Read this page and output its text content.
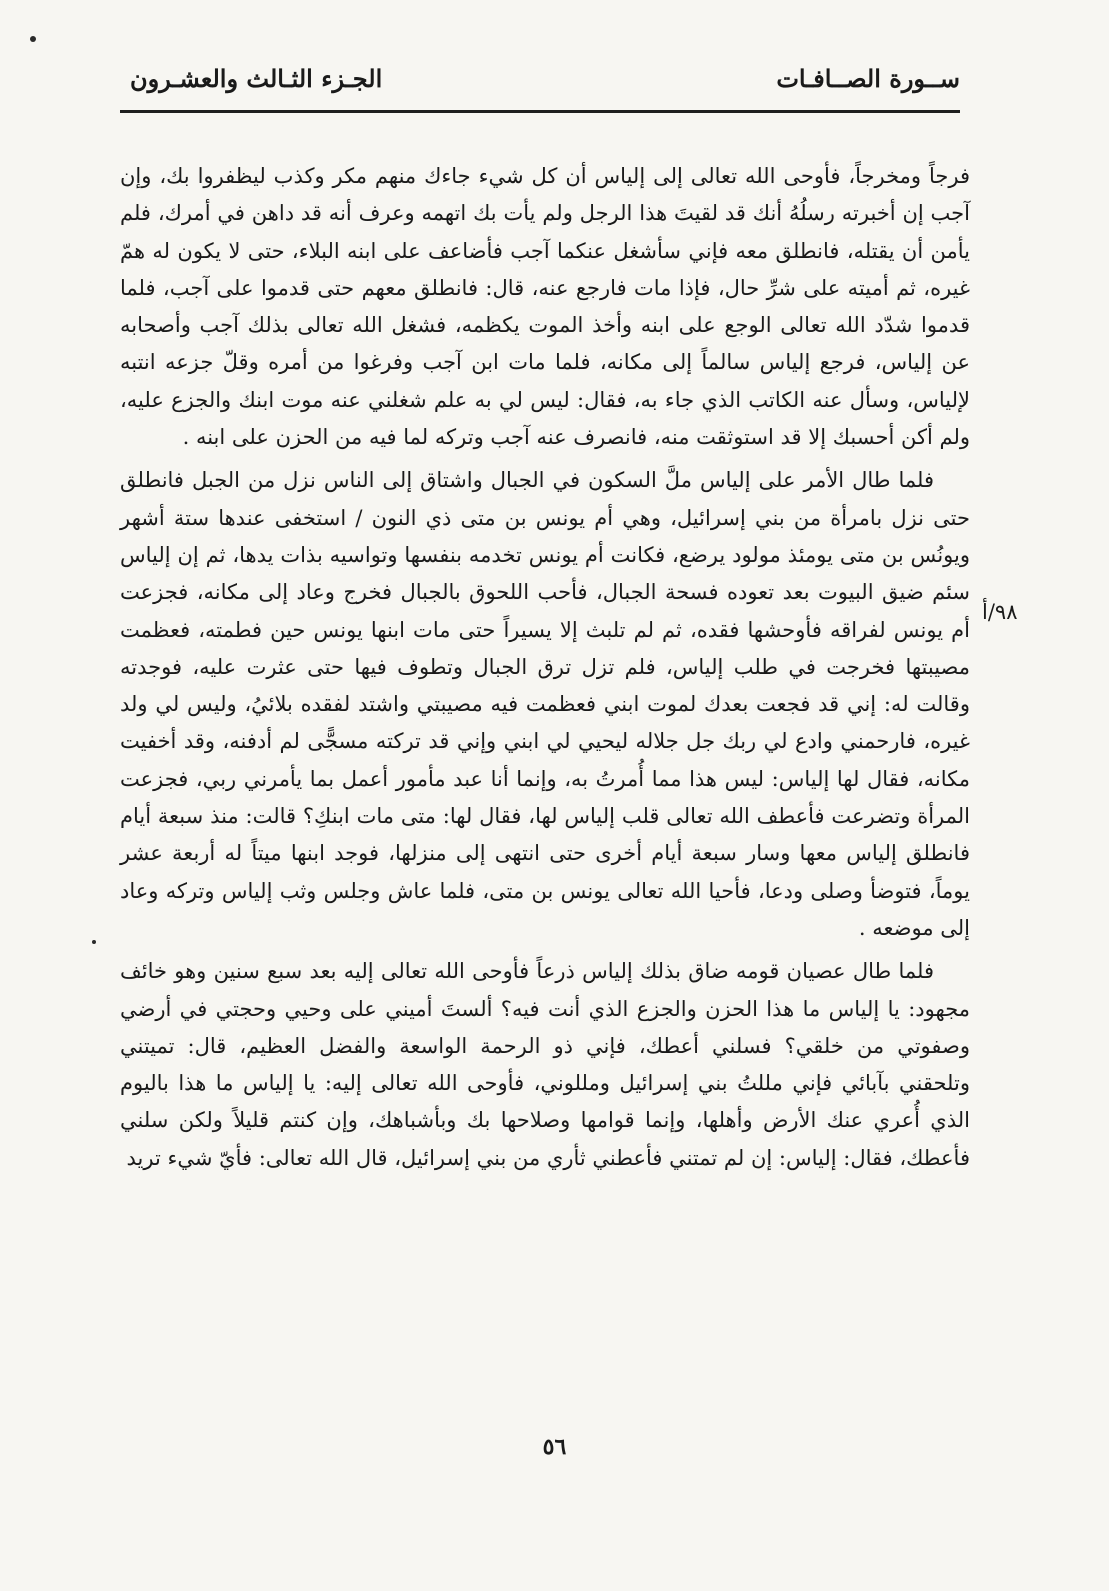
ســورة الصــافـات
الجـزء الثـالث والعشـرون
٩٨/أ

فرجاً ومخرجاً، فأوحى الله تعالى إلى إلياس أن كل شيء جاءك منهم مكر وكذب ليظفروا بك، وإن آجب إن أخبرته رسلُهُ أنك قد لقيتَ هذا الرجل ولم يأت بك اتهمه وعرف أنه قد داهن في أمرك، فلم يأمن أن يقتله، فانطلق معه فإني سأشغل عنكما آجب فأضاعف على ابنه البلاء، حتى لا يكون له همّ غيره، ثم أميته على شرِّ حال، فإذا مات فارجع عنه، قال: فانطلق معهم حتى قدموا على آجب، فلما قدموا شدّد الله تعالى الوجع على ابنه وأخذ الموت يكظمه، فشغل الله تعالى بذلك آجب وأصحابه عن إلياس، فرجع إلياس سالماً إلى مكانه، فلما مات ابن آجب وفرغوا من أمره وقلّ جزعه انتبه لإلياس، وسأل عنه الكاتب الذي جاء به، فقال: ليس لي به علم شغلني عنه موت ابنك والجزع عليه، ولم أكن أحسبك إلا قد استوثقت منه، فانصرف عنه آجب وتركه لما فيه من الحزن على ابنه .

فلما طال الأمر على إلياس ملَّ السكون في الجبال واشتاق إلى الناس نزل من الجبل فانطلق حتى نزل بامرأة من بني إسرائيل، وهي أم يونس بن متى ذي النون / استخفى عندها ستة أشهر ويونُس بن متى يومئذ مولود يرضع، فكانت أم يونس تخدمه بنفسها وتواسيه بذات يدها، ثم إن إلياس سئم ضيق البيوت بعد تعوده فسحة الجبال، فأحب اللحوق بالجبال فخرج وعاد إلى مكانه، فجزعت أم يونس لفراقه فأوحشها فقده، ثم لم تلبث إلا يسيراً حتى مات ابنها يونس حين فطمته، فعظمت مصيبتها فخرجت في طلب إلياس، فلم تزل ترق الجبال وتطوف فيها حتى عثرت عليه، فوجدته وقالت له: إني قد فجعت بعدك لموت ابني فعظمت فيه مصيبتي واشتد لفقده بلائيُ، وليس لي ولد غيره، فارحمني وادع لي ربك جل جلاله ليحيي لي ابني وإني قد تركته مسجًّى لم أدفنه، وقد أخفيت مكانه، فقال لها إلياس: ليس هذا مما أُمرتُ به، وإنما أنا عبد مأمور أعمل بما يأمرني ربي، فجزعت المرأة وتضرعت فأعطف الله تعالى قلب إلياس لها، فقال لها: متى مات ابنكِ؟ قالت: منذ سبعة أيام فانطلق إلياس معها وسار سبعة أيام أخرى حتى انتهى إلى منزلها، فوجد ابنها ميتاً له أربعة عشر يوماً، فتوضأ وصلى ودعا، فأحيا الله تعالى يونس بن متى، فلما عاش وجلس وثب إلياس وتركه وعاد إلى موضعه .

فلما طال عصيان قومه ضاق بذلك إلياس ذرعاً فأوحى الله تعالى إليه بعد سبع سنين وهو خائف مجهود: يا إلياس ما هذا الحزن والجزع الذي أنت فيه؟ ألستَ أميني على وحيي وحجتي في أرضي وصفوتي من خلقي؟ فسلني أعطك، فإني ذو الرحمة الواسعة والفضل العظيم، قال: تميتني وتلحقني بآبائي فإني مللتُ بني إسرائيل ومللوني، فأوحى الله تعالى إليه: يا إلياس ما هذا باليوم الذي أُعري عنك الأرض وأهلها، وإنما قوامها وصلاحها بك وبأشباهك، وإن كنتم قليلاً ولكن سلني فأعطك، فقال: إلياس: إن لم تمتني فأعطني ثأري من بني إسرائيل، قال الله تعالى: فأيّ شيء تريد

٥٦
